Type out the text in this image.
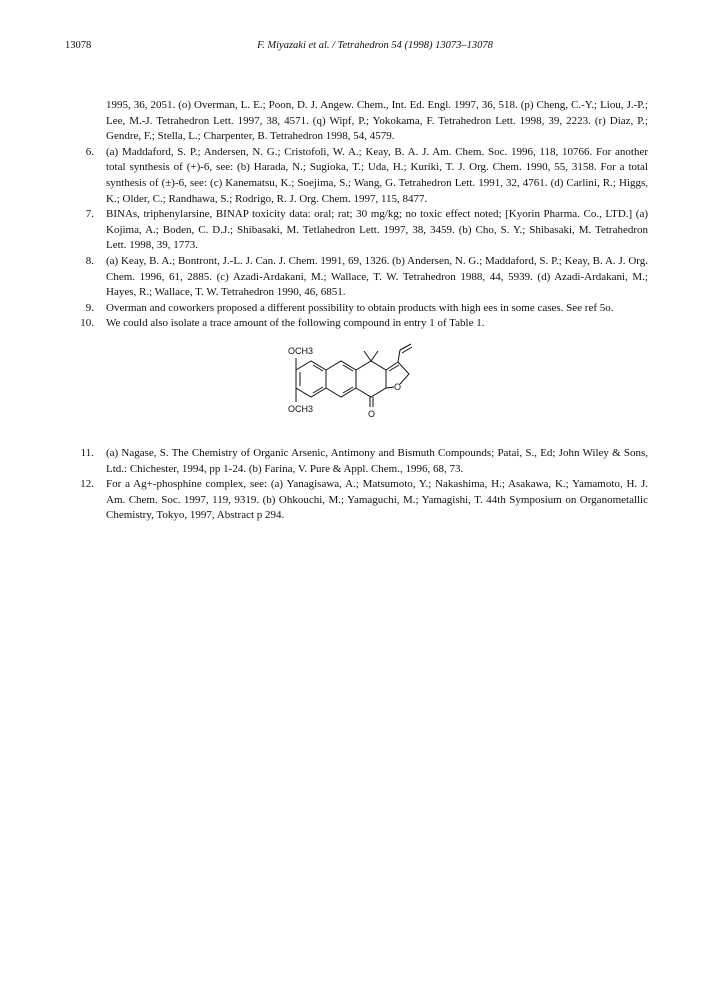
13078	F. Miyazaki et al. / Tetrahedron 54 (1998) 13073–13078
1995, 36, 2051. (o) Overman, L. E.; Poon, D. J. Angew. Chem., Int. Ed. Engl. 1997, 36, 518. (p) Cheng, C.-Y.; Liou, J.-P.; Lee, M.-J. Tetrahedron Lett. 1997, 38, 4571. (q) Wipf, P.; Yokokama, F. Tetrahedron Lett. 1998, 39, 2223. (r) Diaz, P.; Gendre, F.; Stella, L.; Charpenter, B. Tetrahedron 1998, 54, 4579.
6.	(a) Maddaford, S. P.; Andersen, N. G.; Cristofoli, W. A.; Keay, B. A. J. Am. Chem. Soc. 1996, 118, 10766. For another total synthesis of (+)-6, see: (b) Harada, N.; Sugioka, T.; Uda, H.; Kuriki, T. J. Org. Chem. 1990, 55, 3158. For a total synthesis of (±)-6, see: (c) Kanematsu, K.; Soejima, S.; Wang, G. Tetrahedron Lett. 1991, 32, 4761. (d) Carlini, R.; Higgs, K.; Older, C.; Randhawa, S.; Rodrigo, R. J. Org. Chem. 1997, 115, 8477.
7.	BINAs, triphenylarsine, BINAP toxicity data: oral; rat; 30 mg/kg; no toxic effect noted; [Kyorin Pharma. Co., LTD.] (a) Kojima, A.; Boden, C. D.J.; Shibasaki, M. Tetlahedron Lett. 1997, 38, 3459. (b) Cho, S. Y.; Shibasaki, M. Tetrahedron Lett. 1998, 39, 1773.
8.	(a) Keay, B. A.; Bontront, J.-L. J. Can. J. Chem. 1991, 69, 1326. (b) Andersen, N. G.; Maddaford, S. P.; Keay, B. A. J. Org. Chem. 1996, 61, 2885. (c) Azadi-Ardakani, M.; Wallace, T. W. Tetrahedron 1988, 44, 5939. (d) Azadi-Ardakani, M.; Hayes, R.; Wallace, T. W. Tetrahedron 1990, 46, 6851.
9.	Overman and coworkers proposed a different possibility to obtain products with high ees in some cases. See ref 5o.
10.	We could also isolate a trace amount of the following compound in entry 1 of Table 1.
OCH3
OCH3	O
O
11.	(a) Nagase, S. The Chemistry of Organic Arsenic, Antimony and Bismuth Compounds; Patai, S., Ed; John Wiley & Sons, Ltd.: Chichester, 1994, pp 1-24. (b) Farina, V. Pure & Appl. Chem., 1996, 68, 73.
12.	For a Ag+-phosphine complex, see: (a) Yanagisawa, A.; Matsumoto, Y.; Nakashima, H.; Asakawa, K.; Yamamoto, H. J. Am. Chem. Soc. 1997, 119, 9319. (b) Ohkouchi, M.; Yamaguchi, M.; Yamagishi, T. 44th Symposium on Organometallic Chemistry, Tokyo, 1997, Abstract p 294.
